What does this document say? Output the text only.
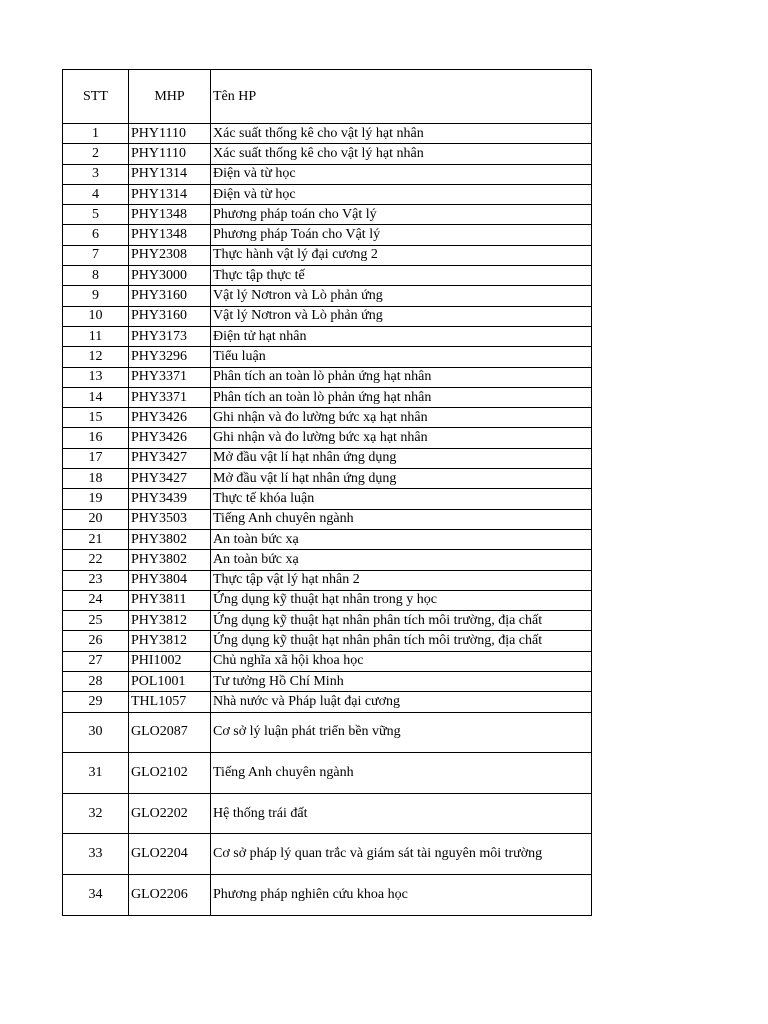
STT	MHP	Tên HP
1	PHY1110	Xác suất thống kê cho vật lý hạt nhân
2	PHY1110	Xác suất thống kê cho vật lý hạt nhân
3	PHY1314	Điện và từ học
4	PHY1314	Điện và từ học
5	PHY1348	Phương pháp toán cho Vật lý
6	PHY1348	Phương pháp Toán cho Vật lý
7	PHY2308	Thực hành vật lý đại cương 2
8	PHY3000	Thực tập thực tế
9	PHY3160	Vật lý Nơtron và Lò phản ứng
10	PHY3160	Vật lý Nơtron và Lò phản ứng
11	PHY3173	Điện tử hạt nhân
12	PHY3296	Tiểu luận
13	PHY3371	Phân tích an toàn lò phản ứng hạt nhân
14	PHY3371	Phân tích an toàn lò phản ứng hạt nhân
15	PHY3426	Ghi nhận và đo lường bức xạ hạt nhân
16	PHY3426	Ghi nhận và đo lường bức xạ hạt nhân
17	PHY3427	Mở đầu vật lí hạt nhân ứng dụng
18	PHY3427	Mở đầu vật lí hạt nhân ứng dụng
19	PHY3439	Thực tế khóa luận
20	PHY3503	Tiếng Anh chuyên ngành
21	PHY3802	An toàn bức xạ
22	PHY3802	An toàn bức xạ
23	PHY3804	Thực tập vật lý hạt nhân 2
24	PHY3811	Ứng dụng kỹ thuật hạt nhân trong y học
25	PHY3812	Ứng dụng kỹ thuật hạt nhân phân tích môi trường, địa chất
26	PHY3812	Ứng dụng kỹ thuật hạt nhân phân tích môi trường, địa chất
27	PHI1002	Chủ nghĩa xã hội khoa học
28	POL1001	Tư tưởng Hồ Chí Minh
29	THL1057	Nhà nước và Pháp luật đại cương
30	GLO2087	Cơ sở lý luận phát triển bền vững
31	GLO2102	Tiếng Anh chuyên ngành
32	GLO2202	Hệ thống trái đất
33	GLO2204	Cơ sở pháp lý quan trắc và giám sát tài nguyên môi trường
34	GLO2206	Phương pháp nghiên cứu khoa học
